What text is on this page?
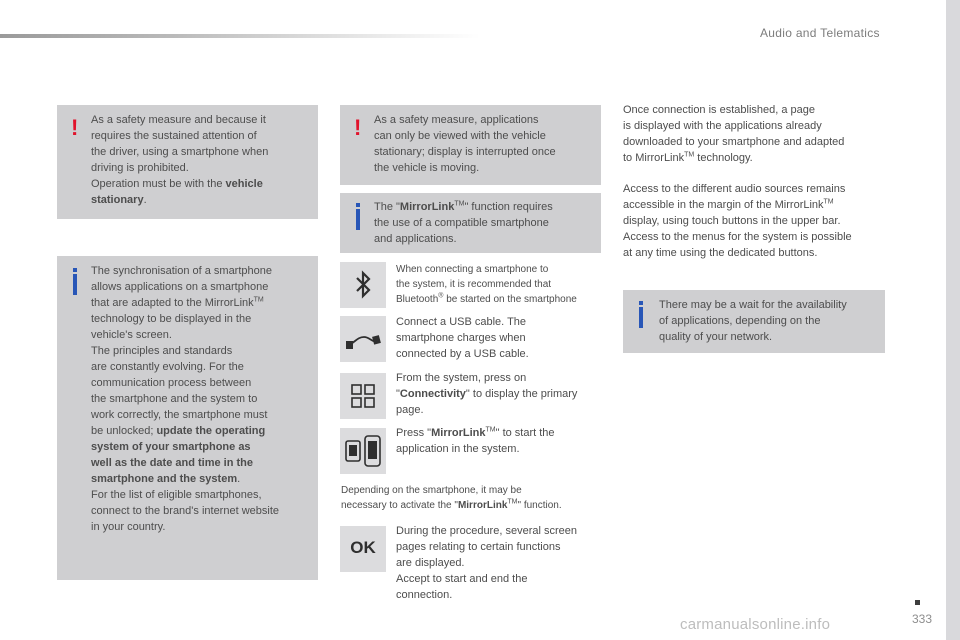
Audio and Telematics
! As a safety measure and because it

requires the sustained attention of

the driver, using a smartphone when

driving is prohibited.

Operation must be with the vehicle

stationary.

The synchronisation of a smartphone

allows applications on a smartphone

that are adapted to the MirrorLink™

technology to be displayed in the

vehicle's screen.

The principles and standards

are constantly evolving. For the

communication process between

the smartphone and the system to

work correctly, the smartphone must

be unlocked; update the operating

system of your smartphone as

well as the date and time in the

smartphone and the system.

For the list of eligible smartphones,

connect to the brand's internet website

in your country.

! As a safety measure, applications

can only be viewed with the vehicle

stationary; display is interrupted once

the vehicle is moving.

The "MirrorLink™" function requires

the use of a compatible smartphone

and applications.

When connecting a smartphone to

the system, it is recommended that

Bluetooth® be started on the smartphone

Connect a USB cable. The

smartphone charges when

connected by a USB cable.

From the system, press on

"Connectivity" to display the primary

page.

Press "MirrorLink™" to start the

application in the system.

Depending on the smartphone, it may be

necessary to activate the "MirrorLink™" function.

OK

During the procedure, several screen

pages relating to certain functions

are displayed.

Accept to start and end the

connection.

Once connection is established, a page

is displayed with the applications already

downloaded to your smartphone and adapted

to MirrorLink™ technology.

Access to the different audio sources remains

accessible in the margin of the MirrorLink™

display, using touch buttons in the upper bar.

Access to the menus for the system is possible

at any time using the dedicated buttons.

There may be a wait for the availability

of applications, depending on the

quality of your network.

333
carmanualsonline.info
